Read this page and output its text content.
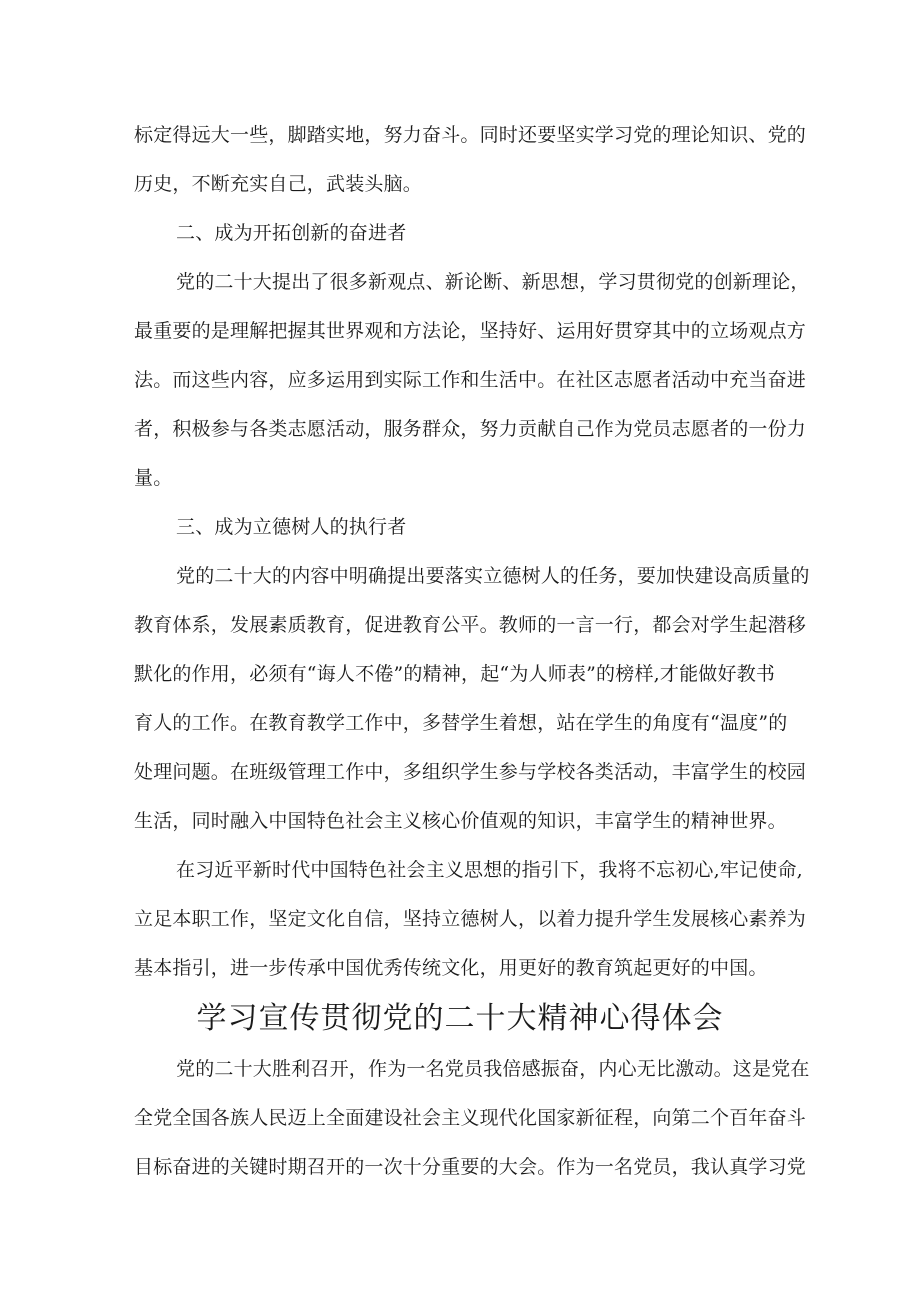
标定得远大一些，脚踏实地，努力奋斗。同时还要坚实学习党的理论知识、党的
历史，不断充实自己，武装头脑。
二、成为开拓创新的奋进者
党的二十大提出了很多新观点、新论断、新思想，学习贯彻党的创新理论，
最重要的是理解把握其世界观和方法论，坚持好、运用好贯穿其中的立场观点方
法。而这些内容，应多运用到实际工作和生活中。在社区志愿者活动中充当奋进
者，积极参与各类志愿活动，服务群众，努力贡献自己作为党员志愿者的一份力
量。
三、成为立德树人的执行者
党的二十大的内容中明确提出要落实立德树人的任务，要加快建设高质量的
教育体系，发展素质教育，促进教育公平。教师的一言一行，都会对学生起潜移
默化的作用，必须有“诲人不倦”的精神，起“为人师表”的榜样,才能做好教书
育人的工作。在教育教学工作中，多替学生着想，站在学生的角度有“温度”的
处理问题。在班级管理工作中，多组织学生参与学校各类活动，丰富学生的校园
生活，同时融入中国特色社会主义核心价值观的知识，丰富学生的精神世界。
在习近平新时代中国特色社会主义思想的指引下，我将不忘初心,牢记使命,
立足本职工作，坚定文化自信，坚持立德树人，以着力提升学生发展核心素养为
基本指引，进一步传承中国优秀传统文化，用更好的教育筑起更好的中国。
学习宣传贯彻党的二十大精神心得体会
党的二十大胜利召开，作为一名党员我倍感振奋，内心无比激动。这是党在
全党全国各族人民迈上全面建设社会主义现代化国家新征程，向第二个百年奋斗
目标奋进的关键时期召开的一次十分重要的大会。作为一名党员，我认真学习党
